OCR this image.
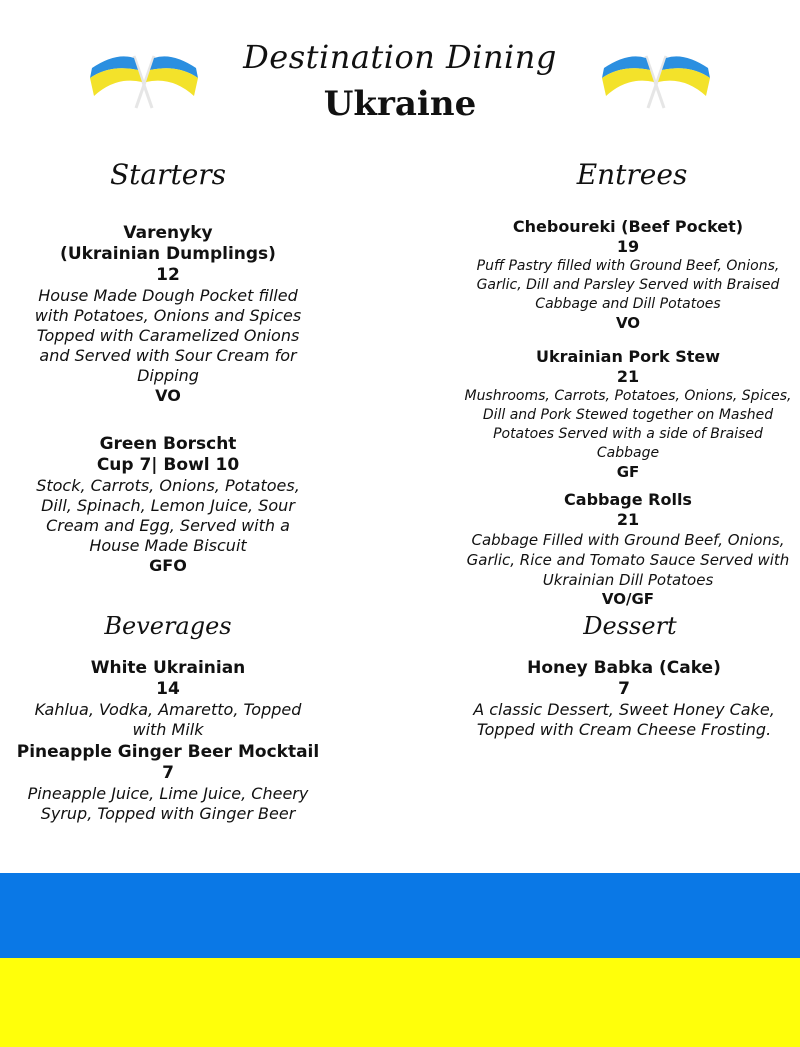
Destination Dining
Ukraine
Starters
Varenyky
(Ukrainian Dumplings)
12
House Made Dough Pocket filled with Potatoes, Onions and Spices Topped with Caramelized Onions and Served with Sour Cream for Dipping
VO
Green Borscht
Cup 7| Bowl 10
Stock, Carrots, Onions, Potatoes, Dill, Spinach, Lemon Juice, Sour Cream and Egg, Served with a House Made Biscuit
GFO
Entrees
Cheboureki (Beef Pocket)
19
Puff Pastry filled with Ground Beef, Onions, Garlic, Dill and Parsley Served with Braised Cabbage and Dill Potatoes
VO
Ukrainian Pork Stew
21
Mushrooms, Carrots, Potatoes, Onions, Spices, Dill and Pork Stewed together on Mashed Potatoes Served with a side of Braised Cabbage
GF
Cabbage Rolls
21
Cabbage Filled with Ground Beef, Onions, Garlic, Rice and Tomato Sauce Served with Ukrainian Dill Potatoes
VO/GF
Beverages
White Ukrainian
14
Kahlua, Vodka, Amaretto, Topped with Milk
Pineapple Ginger Beer Mocktail
7
Pineapple Juice, Lime Juice, Cheery Syrup, Topped with Ginger Beer
Dessert
Honey Babka (Cake)
7
A classic Dessert, Sweet Honey Cake, Topped with Cream Cheese Frosting.
